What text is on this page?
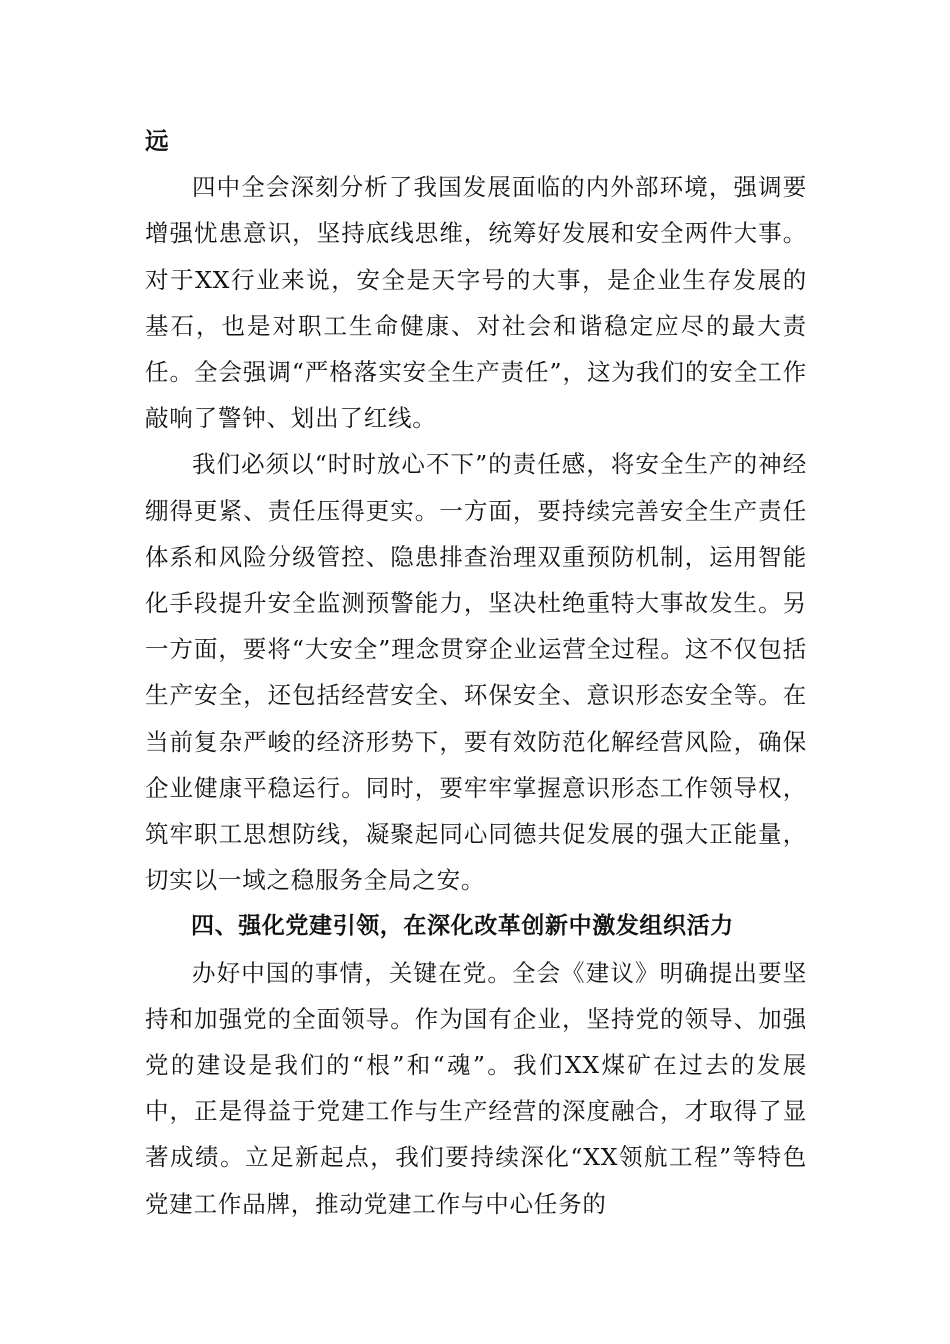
远

四中全会深刻分析了我国发展面临的内外部环境，强调要增强忧患意识，坚持底线思维，统筹好发展和安全两件大事。对于XX行业来说，安全是天字号的大事，是企业生存发展的基石，也是对职工生命健康、对社会和谐稳定应尽的最大责任。全会强调“严格落实安全生产责任”，这为我们的安全工作敲响了警钟、划出了红线。

我们必须以“时时放心不下”的责任感，将安全生产的神经绷得更紧、责任压得更实。一方面，要持续完善安全生产责任体系和风险分级管控、隐患排查治理双重预防机制，运用智能化手段提升安全监测预警能力，坚决杜绝重特大事故发生。另一方面，要将“大安全”理念贯穿企业运营全过程。这不仅包括生产安全，还包括经营安全、环保安全、意识形态安全等。在当前复杂严峻的经济形势下，要有效防范化解经营风险，确保企业健康平稳运行。同时，要牢牢掌握意识形态工作领导权，筑牢职工思想防线，凝聚起同心同德共促发展的强大正能量，切实以一域之稳服务全局之安。

四、强化党建引领，在深化改革创新中激发组织活力

办好中国的事情，关键在党。全会《建议》明确提出要坚持和加强党的全面领导。作为国有企业，坚持党的领导、加强党的建设是我们的“根”和“魂”。我们XX煤矿在过去的发展中，正是得益于党建工作与生产经营的深度融合，才取得了显著成绩。立足新起点，我们要持续深化“XX领航工程”等特色党建工作品牌，推动党建工作与中心任务的
